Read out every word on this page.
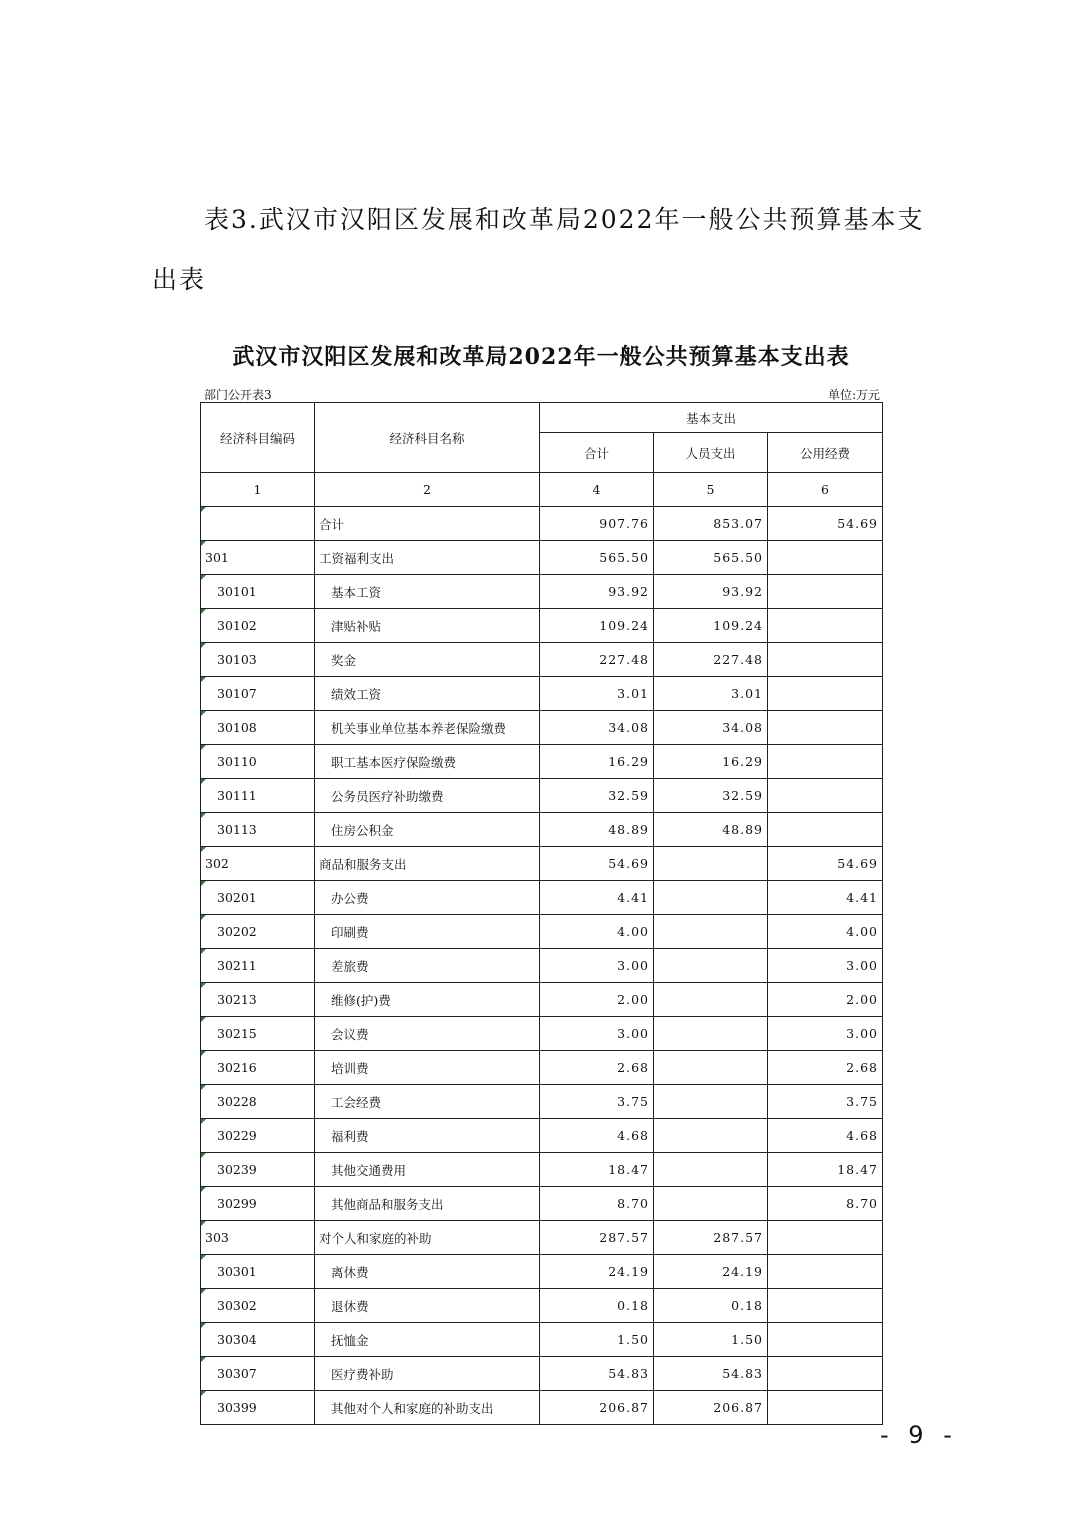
表3.武汉市汉阳区发展和改革局2022年一般公共预算基本支
出表
武汉市汉阳区发展和改革局2022年一般公共预算基本支出表
部门公开表3	单位:万元
经济科目编码	经济科目名称	基本支出		
		合计	人员支出	公用经费
1	2	4	5	6
	合计	907.76	853.07	54.69
301	工资福利支出	565.50	565.50	
30101	基本工资	93.92	93.92	
30102	津贴补贴	109.24	109.24	
30103	奖金	227.48	227.48	
30107	绩效工资	3.01	3.01	
30108	机关事业单位基本养老保险缴费	34.08	34.08	
30110	职工基本医疗保险缴费	16.29	16.29	
30111	公务员医疗补助缴费	32.59	32.59	
30113	住房公积金	48.89	48.89	
302	商品和服务支出	54.69		54.69
30201	办公费	4.41		4.41
30202	印刷费	4.00		4.00
30211	差旅费	3.00		3.00
30213	维修(护)费	2.00		2.00
30215	会议费	3.00		3.00
30216	培训费	2.68		2.68
30228	工会经费	3.75		3.75
30229	福利费	4.68		4.68
30239	其他交通费用	18.47		18.47
30299	其他商品和服务支出	8.70		8.70
303	对个人和家庭的补助	287.57	287.57	
30301	离休费	24.19	24.19	
30302	退休费	0.18	0.18	
30304	抚恤金	1.50	1.50	
30307	医疗费补助	54.83	54.83	
30399	其他对个人和家庭的补助支出	206.87	206.87	
- 9 -
